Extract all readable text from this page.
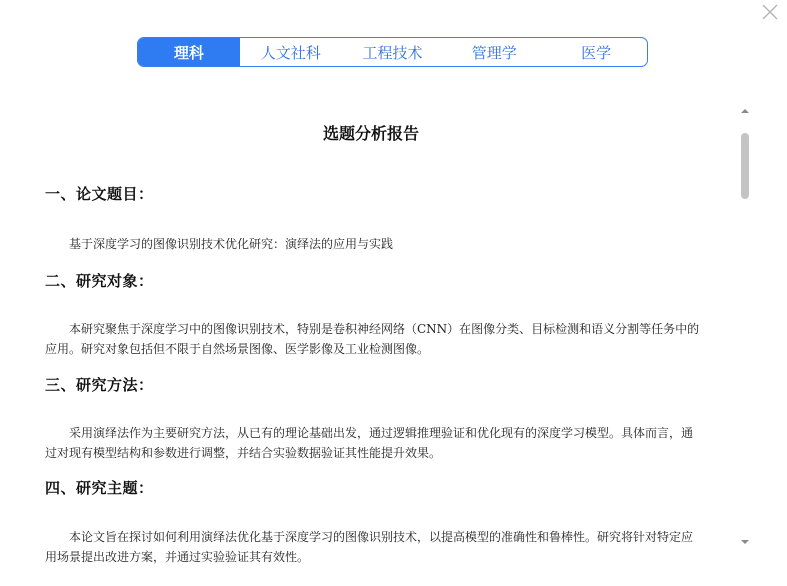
理科	人文社科	工程技术	管理学	医学
选题分析报告
一、论文题目：
基于深度学习的图像识别技术优化研究：演绎法的应用与实践
二、研究对象：
本研究聚焦于深度学习中的图像识别技术，特别是卷积神经网络（CNN）在图像分类、目标检测和语义分割等任务中的应用。研究对象包括但不限于自然场景图像、医学影像及工业检测图像。
三、研究方法：
采用演绎法作为主要研究方法，从已有的理论基础出发，通过逻辑推理验证和优化现有的深度学习模型。具体而言，通过对现有模型结构和参数进行调整，并结合实验数据验证其性能提升效果。
四、研究主题：
本论文旨在探讨如何利用演绎法优化基于深度学习的图像识别技术，以提高模型的准确性和鲁棒性。研究将针对特定应用场景提出改进方案，并通过实验验证其有效性。
